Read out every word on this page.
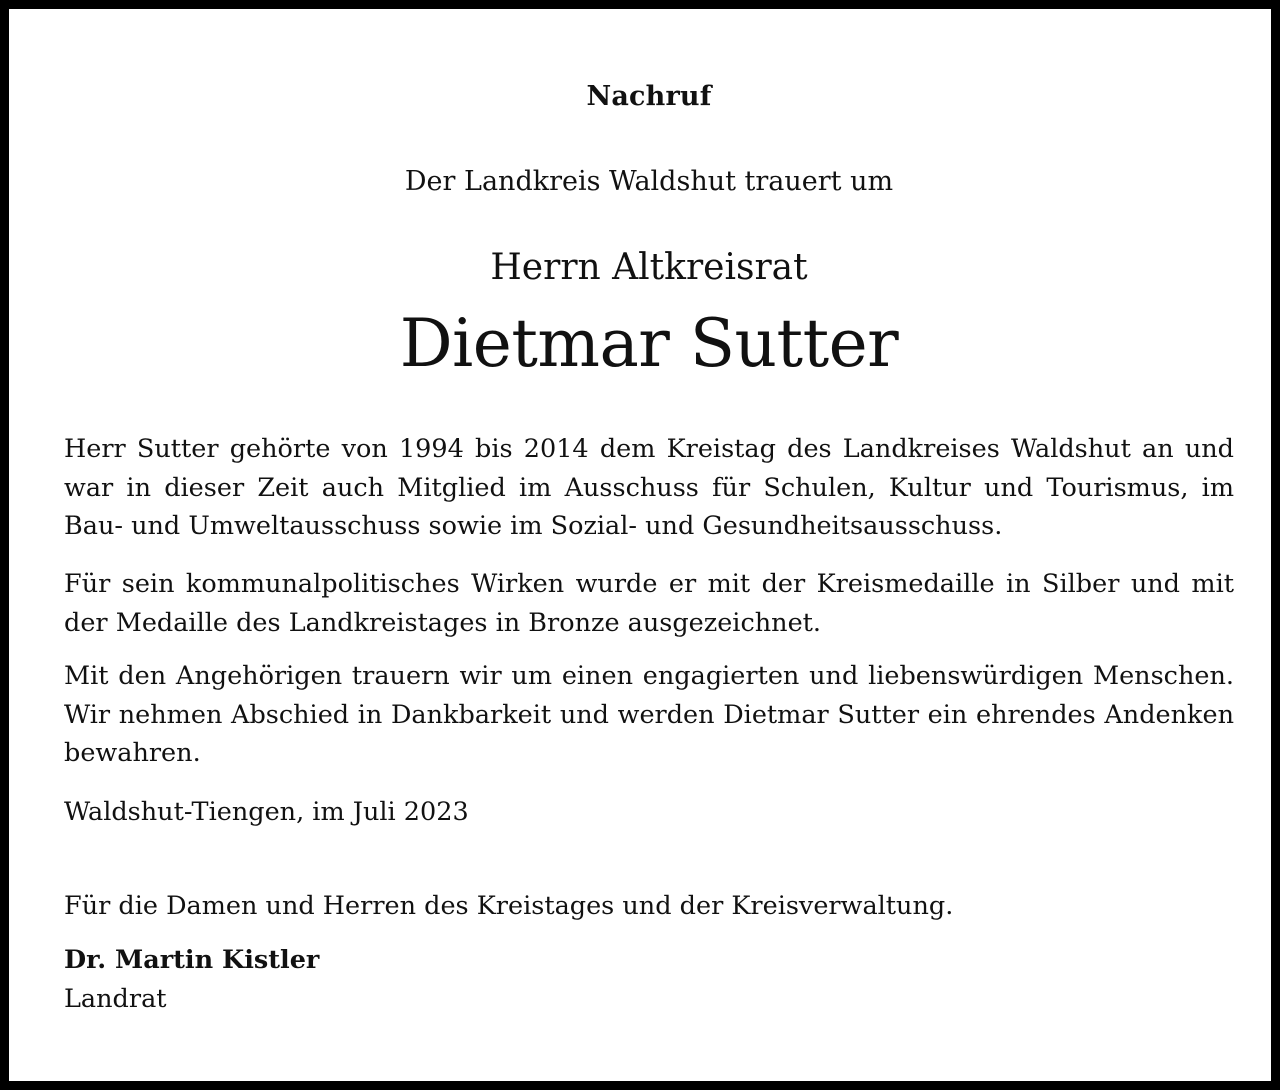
Nachruf
Der Landkreis Waldshut trauert um
Herrn Altkreisrat
Dietmar Sutter

Herr Sutter gehörte von 1994 bis 2014 dem Kreistag des Landkreises Waldshut an und war in dieser Zeit auch Mitglied im Ausschuss für Schulen, Kultur und Tourismus, im Bau- und Umweltausschuss sowie im Sozial- und Gesundheitsausschuss.

Für sein kommunalpolitisches Wirken wurde er mit der Kreismedaille in Silber und mit der Medaille des Landkreistages in Bronze ausgezeichnet.

Mit den Angehörigen trauern wir um einen engagierten und liebenswürdigen Menschen. Wir nehmen Abschied in Dankbarkeit und werden Dietmar Sutter ein ehrendes Andenken bewahren.

Waldshut-Tiengen, im Juli 2023
Für die Damen und Herren des Kreistages und der Kreisverwaltung.
Dr. Martin Kistler
Landrat
